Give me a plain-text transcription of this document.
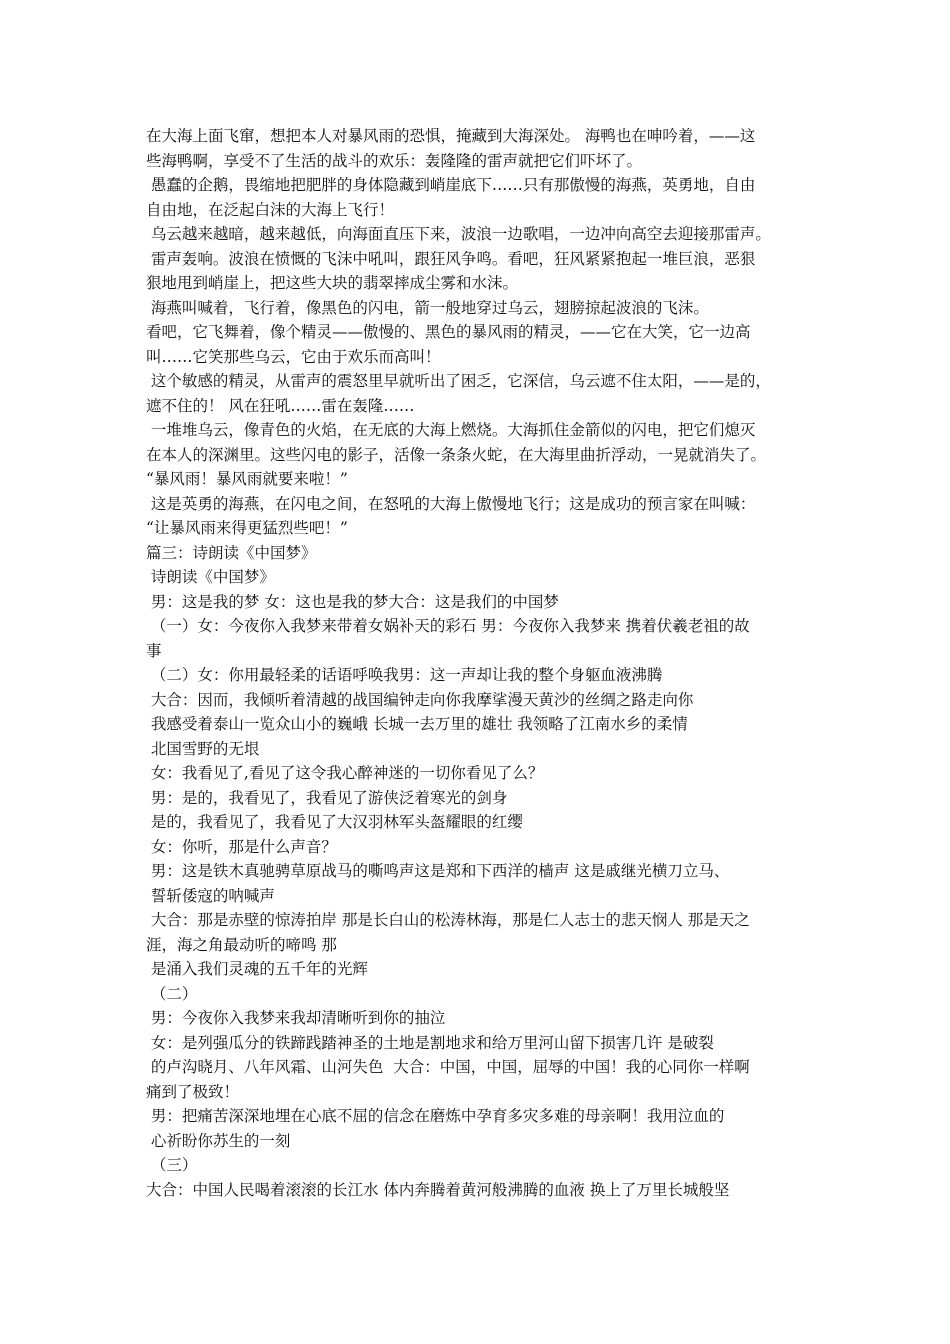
在大海上面飞窜，想把本人对暴风雨的恐惧，掩藏到大海深处。 海鸭也在呻吟着，——这
些海鸭啊，享受不了生活的战斗的欢乐：轰隆隆的雷声就把它们吓坏了。
愚蠢的企鹅，畏缩地把肥胖的身体隐藏到峭崖底下……只有那傲慢的海燕，英勇地，自由
自由地，在泛起白沫的大海上飞行！
乌云越来越暗，越来越低，向海面直压下来，波浪一边歌唱，一边冲向高空去迎接那雷声。
雷声轰响。波浪在愤慨的飞沫中吼叫，跟狂风争鸣。看吧，狂风紧紧抱起一堆巨浪，恶狠
狠地甩到峭崖上，把这些大块的翡翠摔成尘雾和水沫。
海燕叫喊着，飞行着，像黑色的闪电，箭一般地穿过乌云，翅膀掠起波浪的飞沫。
看吧，它飞舞着，像个精灵——傲慢的、黑色的暴风雨的精灵，——它在大笑，它一边高
叫……它笑那些乌云，它由于欢乐而高叫！
这个敏感的精灵，从雷声的震怒里早就听出了困乏，它深信，乌云遮不住太阳，——是的，
遮不住的！ 风在狂吼……雷在轰隆……
一堆堆乌云，像青色的火焰，在无底的大海上燃烧。大海抓住金箭似的闪电，把它们熄灭
在本人的深渊里。这些闪电的影子，活像一条条火蛇，在大海里曲折浮动，一晃就消失了。
“暴风雨！暴风雨就要来啦！”
这是英勇的海燕，在闪电之间，在怒吼的大海上傲慢地飞行；这是成功的预言家在叫喊：
“让暴风雨来得更猛烈些吧！”
篇三：诗朗读《中国梦》
诗朗读《中国梦》
男：这是我的梦 女：这也是我的梦大合：这是我们的中国梦
（一）女：今夜你入我梦来带着女娲补天的彩石 男：今夜你入我梦来 携着伏羲老祖的故
事
（二）女：你用最轻柔的话语呼唤我男：这一声却让我的整个身躯血液沸腾
大合：因而，我倾听着清越的战国编钟走向你我摩挲漫天黄沙的丝绸之路走向你
我感受着泰山一览众山小的巍峨 长城一去万里的雄壮 我领略了江南水乡的柔情
北国雪野的无垠
女：我看见了,看见了这令我心醉神迷的一切你看见了么？
男：是的，我看见了，我看见了游侠泛着寒光的剑身
是的，我看见了，我看见了大汉羽林军头盔耀眼的红缨
女：你听，那是什么声音？
男：这是铁木真驰骋草原战马的嘶鸣声这是郑和下西洋的樯声 这是戚继光横刀立马、
誓斩倭寇的呐喊声
大合：那是赤壁的惊涛拍岸 那是长白山的松涛林海，那是仁人志士的悲天悯人 那是天之
涯，海之角最动听的啼鸣 那
是涌入我们灵魂的五千年的光辉
（二）
男：今夜你入我梦来我却清晰听到你的抽泣
女：是列强瓜分的铁蹄践踏神圣的土地是割地求和给万里河山留下损害几许 是破裂
的卢沟晓月、八年风霜、山河失色  大合：中国，中国，屈辱的中国！我的心同你一样啊
痛到了极致！
男：把痛苦深深地埋在心底不屈的信念在磨炼中孕育多灾多难的母亲啊！我用泣血的
心祈盼你苏生的一刻
（三）
大合：中国人民喝着滚滚的长江水 体内奔腾着黄河般沸腾的血液 换上了万里长城般坚
